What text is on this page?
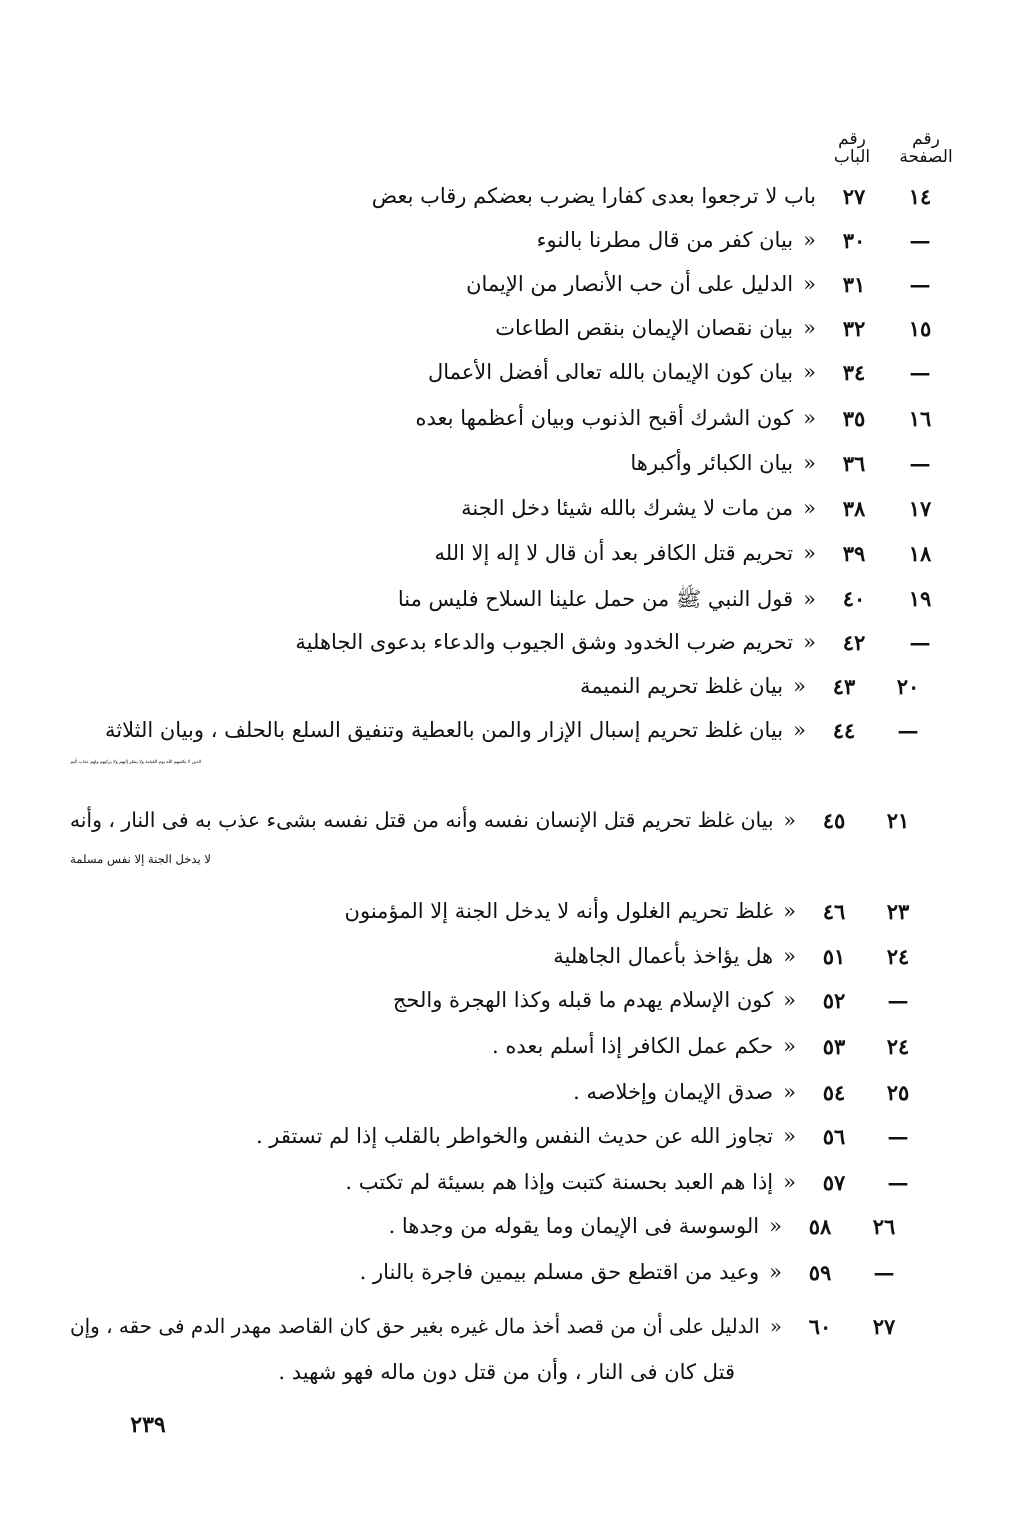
رقم
الصفحة
رقم
الباب
١٤
٢٧
باب لا ترجعوا بعدى كفارا يضرب بعضكم رقاب بعض
—
٣٠
«بيان كفر من قال مطرنا بالنوء
—
٣١
«الدليل على أن حب الأنصار من الإيمان
١٥
٣٢
«بيان نقصان الإيمان بنقص الطاعات
—
٣٤
«بيان كون الإيمان بالله تعالى أفضل الأعمال
١٦
٣٥
«كون الشرك أقبح الذنوب وبيان أعظمها بعده
—
٣٦
«بيان الكبائر وأكبرها
١٧
٣٨
«من مات لا يشرك بالله شيئا دخل الجنة
١٨
٣٩
«تحريم قتل الكافر بعد أن قال لا إله إلا الله
١٩
٤٠
«قول النبي ﷺ من حمل علينا السلاح فليس منا
—
٤٢
«تحريم ضرب الخدود وشق الجيوب والدعاء بدعوى الجاهلية
٢٠
٤٣
«بيان غلظ تحريم النميمة
—
٤٤
«بيان غلظ تحريم إسبال الإزار والمن بالعطية وتنفيق السلع بالحلف ، وبيان الثلاثة
الذين لا يكلمهم الله يوم القيامة ولا ينظر إليهم ولا يزكيهم ولهم عذاب أليم
٢١
٤٥
«بيان غلظ تحريم قتل الإنسان نفسه وأنه من قتل نفسه بشىء عذب به فى النار ، وأنه
لا يدخل الجنة إلا نفس مسلمة
٢٣
٤٦
«غلظ تحريم الغلول وأنه لا يدخل الجنة إلا المؤمنون
٢٤
٥١
«هل يؤاخذ بأعمال الجاهلية
—
٥٢
«كون الإسلام يهدم ما قبله وكذا الهجرة والحج
٢٤
٥٣
«حكم عمل الكافر إذا أسلم بعده .
٢٥
٥٤
«صدق الإيمان وإخلاصه .
—
٥٦
«تجاوز الله عن حديث النفس والخواطر بالقلب إذا لم تستقر .
—
٥٧
«إذا هم العبد بحسنة كتبت وإذا هم بسيئة لم تكتب .
٢٦
٥٨
«الوسوسة فى الإيمان وما يقوله من وجدها .
—
٥٩
«وعيد من اقتطع حق مسلم بيمين فاجرة بالنار .
٢٧
٦٠
«الدليل على أن من قصد أخذ مال غيره بغير حق كان القاصد مهدر الدم فى حقه ، وإن
قتل كان فى النار ، وأن من قتل دون ماله فهو شهيد .
٢٣٩
